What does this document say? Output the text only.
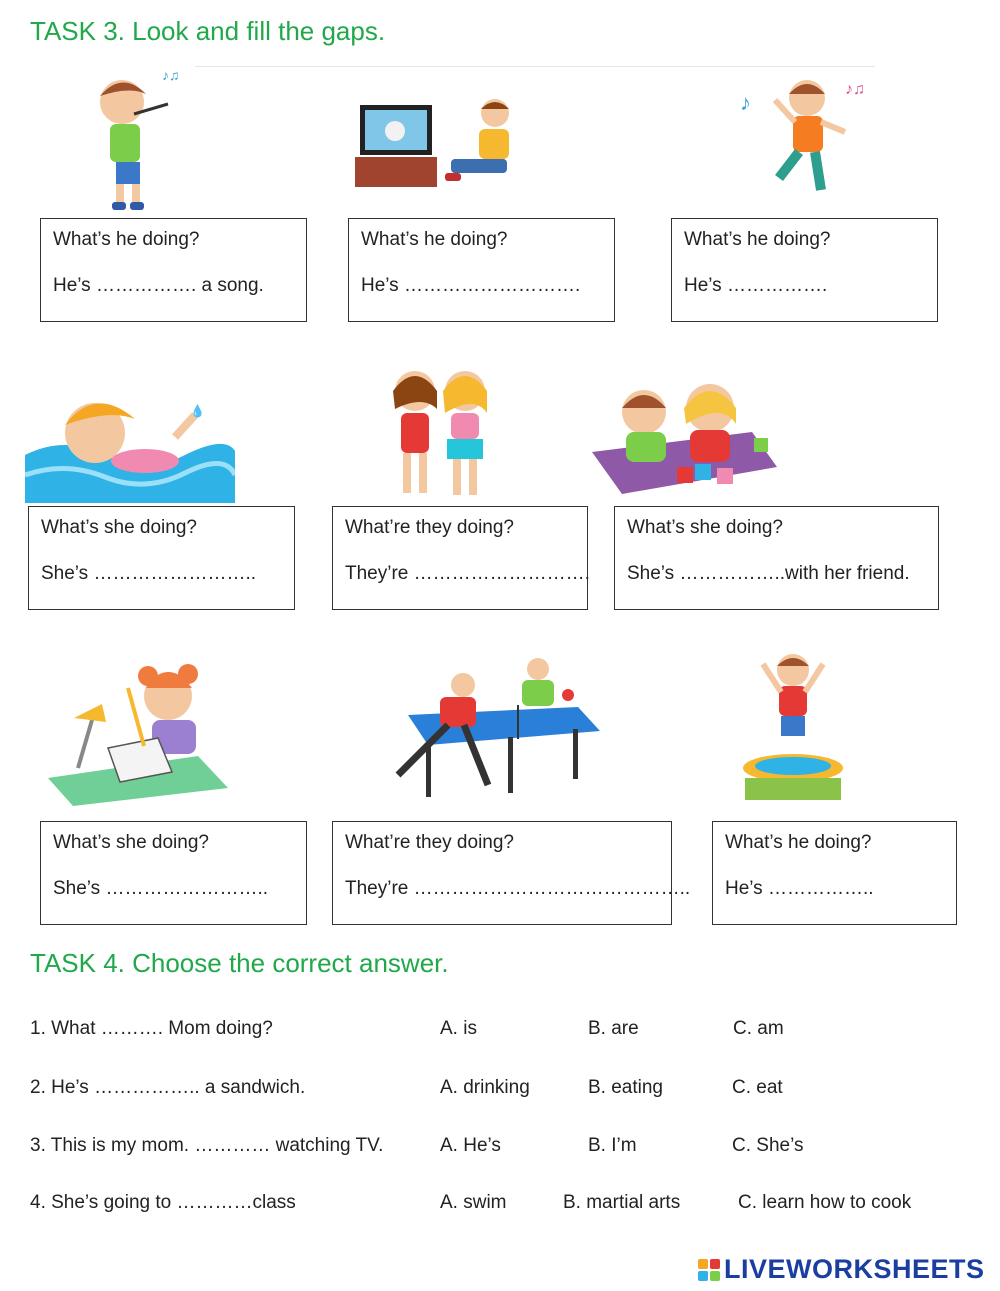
TASK 3. Look and fill the gaps.
♪♫
♪
♪♫
What’s he doing?
He’s ……………. a song.
What’s he doing?
He’s ……………………….
What’s he doing?
He’s …………….
💧
What’s she doing?
She’s ……………………..
What’re they doing?
They’re ……………………….
What’s she doing?
She’s ……………..with her friend.
What’s she doing?
She’s ……………………..
What’re they doing?
They’re ……………………………………..
What’s he doing?
He’s ……………..
TASK 4. Choose the correct answer.
1. What ………. Mom doing?	A. is	B. are	C. am
2. He’s …………….. a sandwich.	A. drinking	B. eating	C. eat
3. This is my mom. ………… watching TV.	A. He’s	B. I’m	C. She’s
4. She’s going to …………class	A. swim	B. martial arts	C. learn how to cook
LIVEWORKSHEETS
